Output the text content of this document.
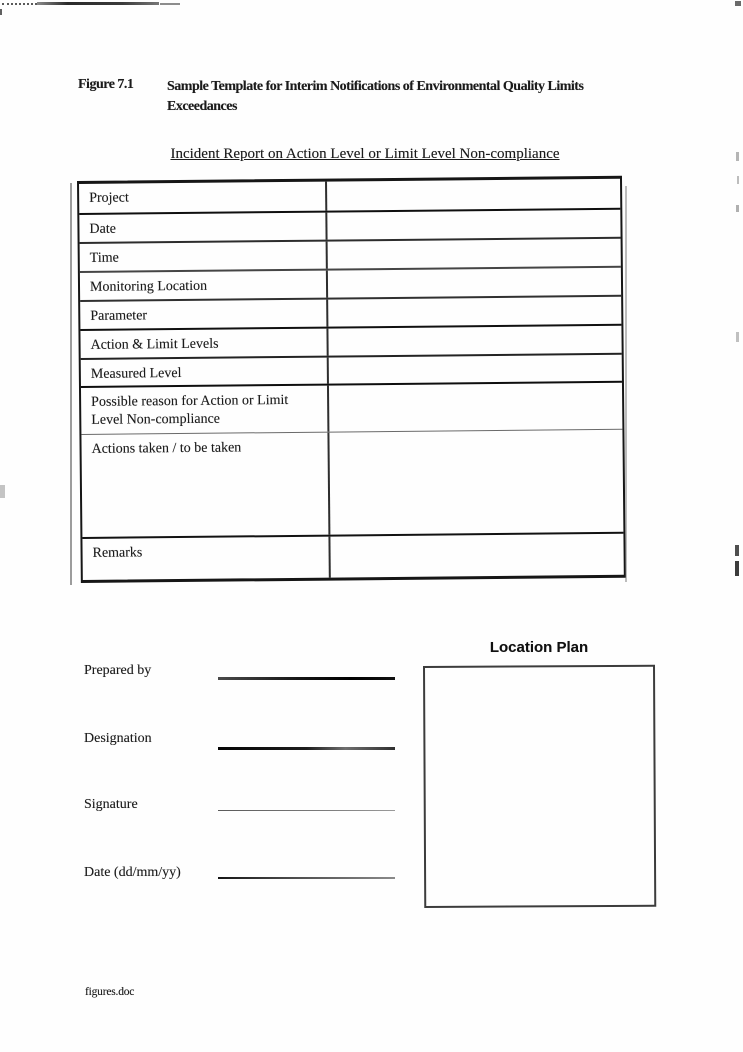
Figure 7.1	Sample Template for Interim Notifications of Environmental Quality Limits
Exceedances
Incident Report on Action Level or Limit Level Non-compliance
Project
Date
Time
Monitoring Location
Parameter
Action & Limit Levels
Measured Level
Possible reason for Action or Limit Level Non-compliance
Actions taken / to be taken
Remarks
Prepared by
Designation
Signature
Date (dd/mm/yy)
Location Plan
figures.doc
